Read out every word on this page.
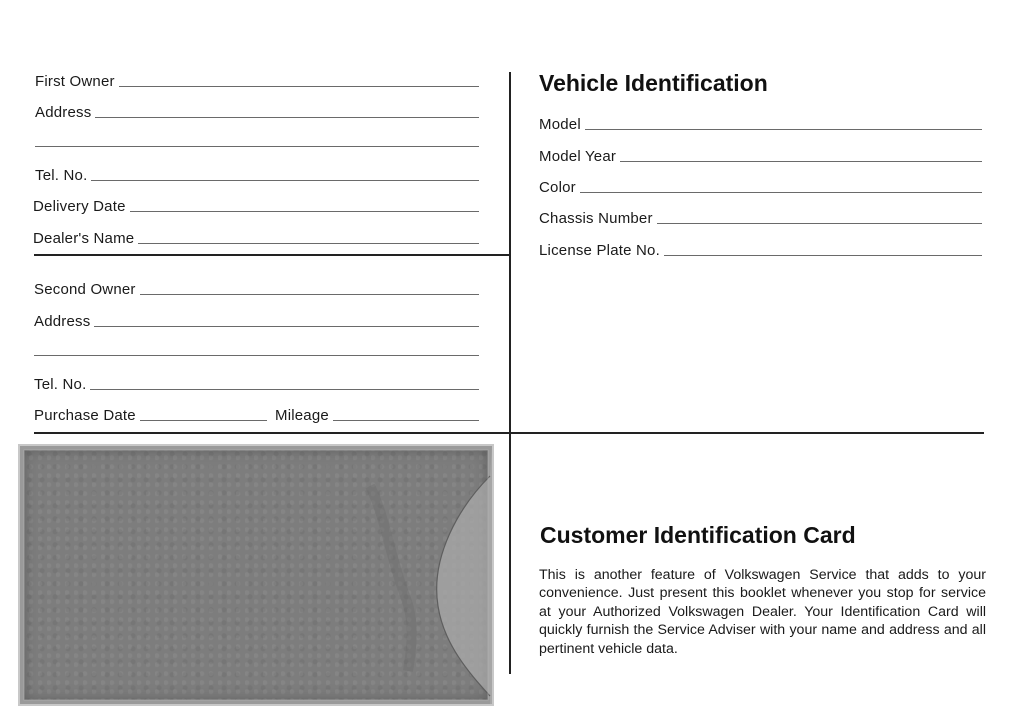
First Owner
Address
Tel. No.
Delivery Date
Dealer's Name
Second Owner
Address
Tel. No.
Purchase Date	Mileage
Vehicle Identification
Model
Model Year
Color
Chassis Number
License Plate No.
Customer Identification Card
This is another feature of Volkswagen Service that adds to your convenience. Just present this booklet whenever you stop for service at your Authorized Volkswagen Dealer. Your Identification Card will quickly furnish the Service Adviser with your name and address and all pertinent vehicle data.
